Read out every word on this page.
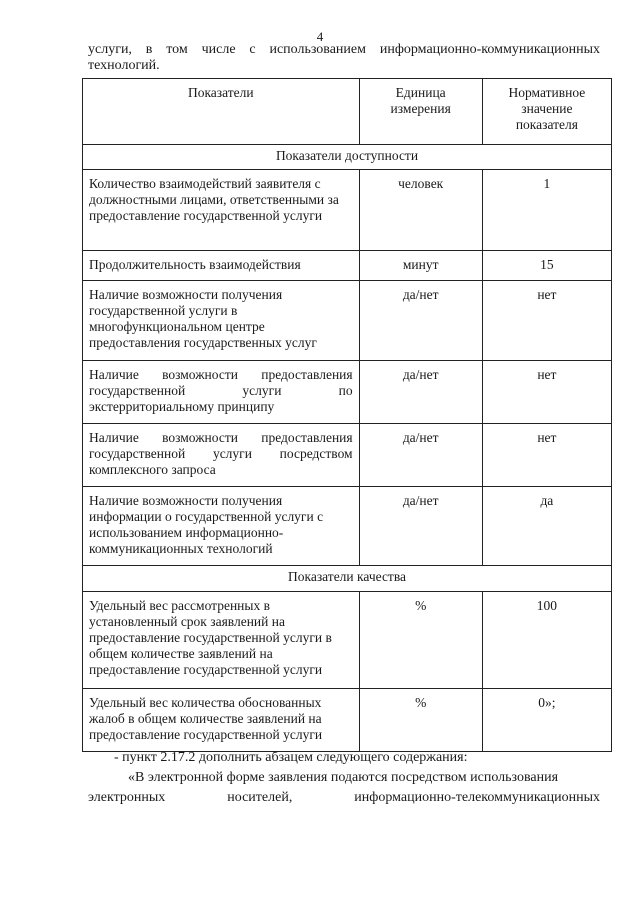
4
услуги, в том числе с использованием информационно-коммуникационных технологий.
Показатели	Единица измерения	Нормативное значение показателя
Показатели доступности		
Количество взаимодействий заявителя с должностными лицами, ответственными за предоставление государственной услуги	человек	1
Продолжительность взаимодействия	минут	15
Наличие возможности получения государственной услуги в многофункциональном центре предоставления государственных услуг	да/нет	нет
Наличие возможности предоставления государственной услуги по экстерриториальному принципу	да/нет	нет
Наличие возможности предоставления государственной услуги посредством комплексного запроса	да/нет	нет
Наличие возможности получения информации о государственной услуги с использованием информационно-коммуникационных технологий	да/нет	да
Показатели качества		
Удельный вес рассмотренных в установленный срок заявлений на предоставление государственной услуги в общем количестве заявлений на предоставление государственной услуги	%	100
Удельный вес количества обоснованных жалоб в общем количестве заявлений на предоставление государственной услуги	%	0»;
- пункт 2.17.2 дополнить абзацем следующего содержания:
«В электронной форме заявления подаются посредством использования
электронных носителей, информационно-телекоммуникационных
